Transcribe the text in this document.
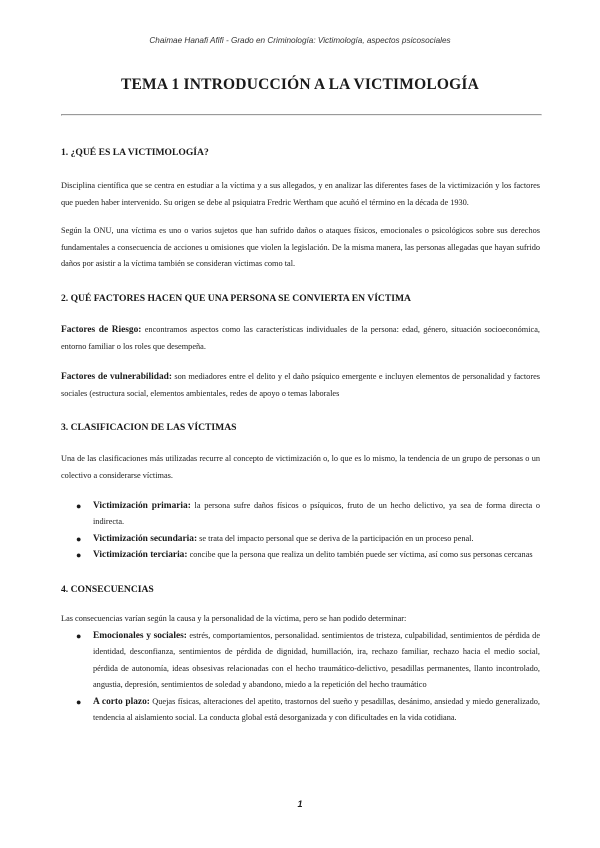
Chaimae Hanafi Afifi - Grado en Criminología: Victimología, aspectos psicosociales
TEMA 1 INTRODUCCIÓN A LA VICTIMOLOGÍA
1. ¿QUÉ ES LA VICTIMOLOGÍA?

Disciplina científica que se centra en estudiar a la víctima y a sus allegados, y en analizar las diferentes fases de la victimización y los factores que pueden haber intervenido. Su origen se debe al psiquiatra Fredric Wertham que acuñó el término en la década de 1930.

Según la ONU, una víctima es uno o varios sujetos que han sufrido daños o ataques físicos, emocionales o psicológicos sobre sus derechos fundamentales a consecuencia de acciones u omisiones que violen la legislación. De la misma manera, las personas allegadas que hayan sufrido daños por asistir a la víctima también se consideran víctimas como tal.

2. QUÉ FACTORES HACEN QUE UNA PERSONA SE CONVIERTA EN VÍCTIMA

Factores de Riesgo: encontramos aspectos como las características individuales de la persona: edad, género, situación socioeconómica, entorno familiar o los roles que desempeña.

Factores de vulnerabilidad: son mediadores entre el delito y el daño psíquico emergente e incluyen elementos de personalidad y factores sociales (estructura social, elementos ambientales, redes de apoyo o temas laborales

3. CLASIFICACION DE LAS VÍCTIMAS

Una de las clasificaciones más utilizadas recurre al concepto de victimización o, lo que es lo mismo, la tendencia de un grupo de personas o un colectivo a considerarse víctimas.

● Victimización primaria: la persona sufre daños físicos o psíquicos, fruto de un hecho delictivo, ya sea de forma directa o indirecta.
● Victimización secundaria: se trata del impacto personal que se deriva de la participación en un proceso penal.
● Victimización terciaria: concibe que la persona que realiza un delito también puede ser víctima, así como sus personas cercanas
4. CONSECUENCIAS

Las consecuencias varían según la causa y la personalidad de la víctima, pero se han podido determinar:

● Emocionales y sociales: estrés, comportamientos, personalidad. sentimientos de tristeza, culpabilidad, sentimientos de pérdida de identidad, desconfianza, sentimientos de pérdida de dignidad, humillación, ira, rechazo familiar, rechazo hacia el medio social, pérdida de autonomía, ideas obsesivas relacionadas con el hecho traumático-delictivo, pesadillas permanentes, llanto incontrolado, angustia, depresión, sentimientos de soledad y abandono, miedo a la repetición del hecho traumático
● A corto plazo: Quejas físicas, alteraciones del apetito, trastornos del sueño y pesadillas, desánimo, ansiedad y miedo generalizado, tendencia al aislamiento social. La conducta global está desorganizada y con dificultades en la vida cotidiana.
1
